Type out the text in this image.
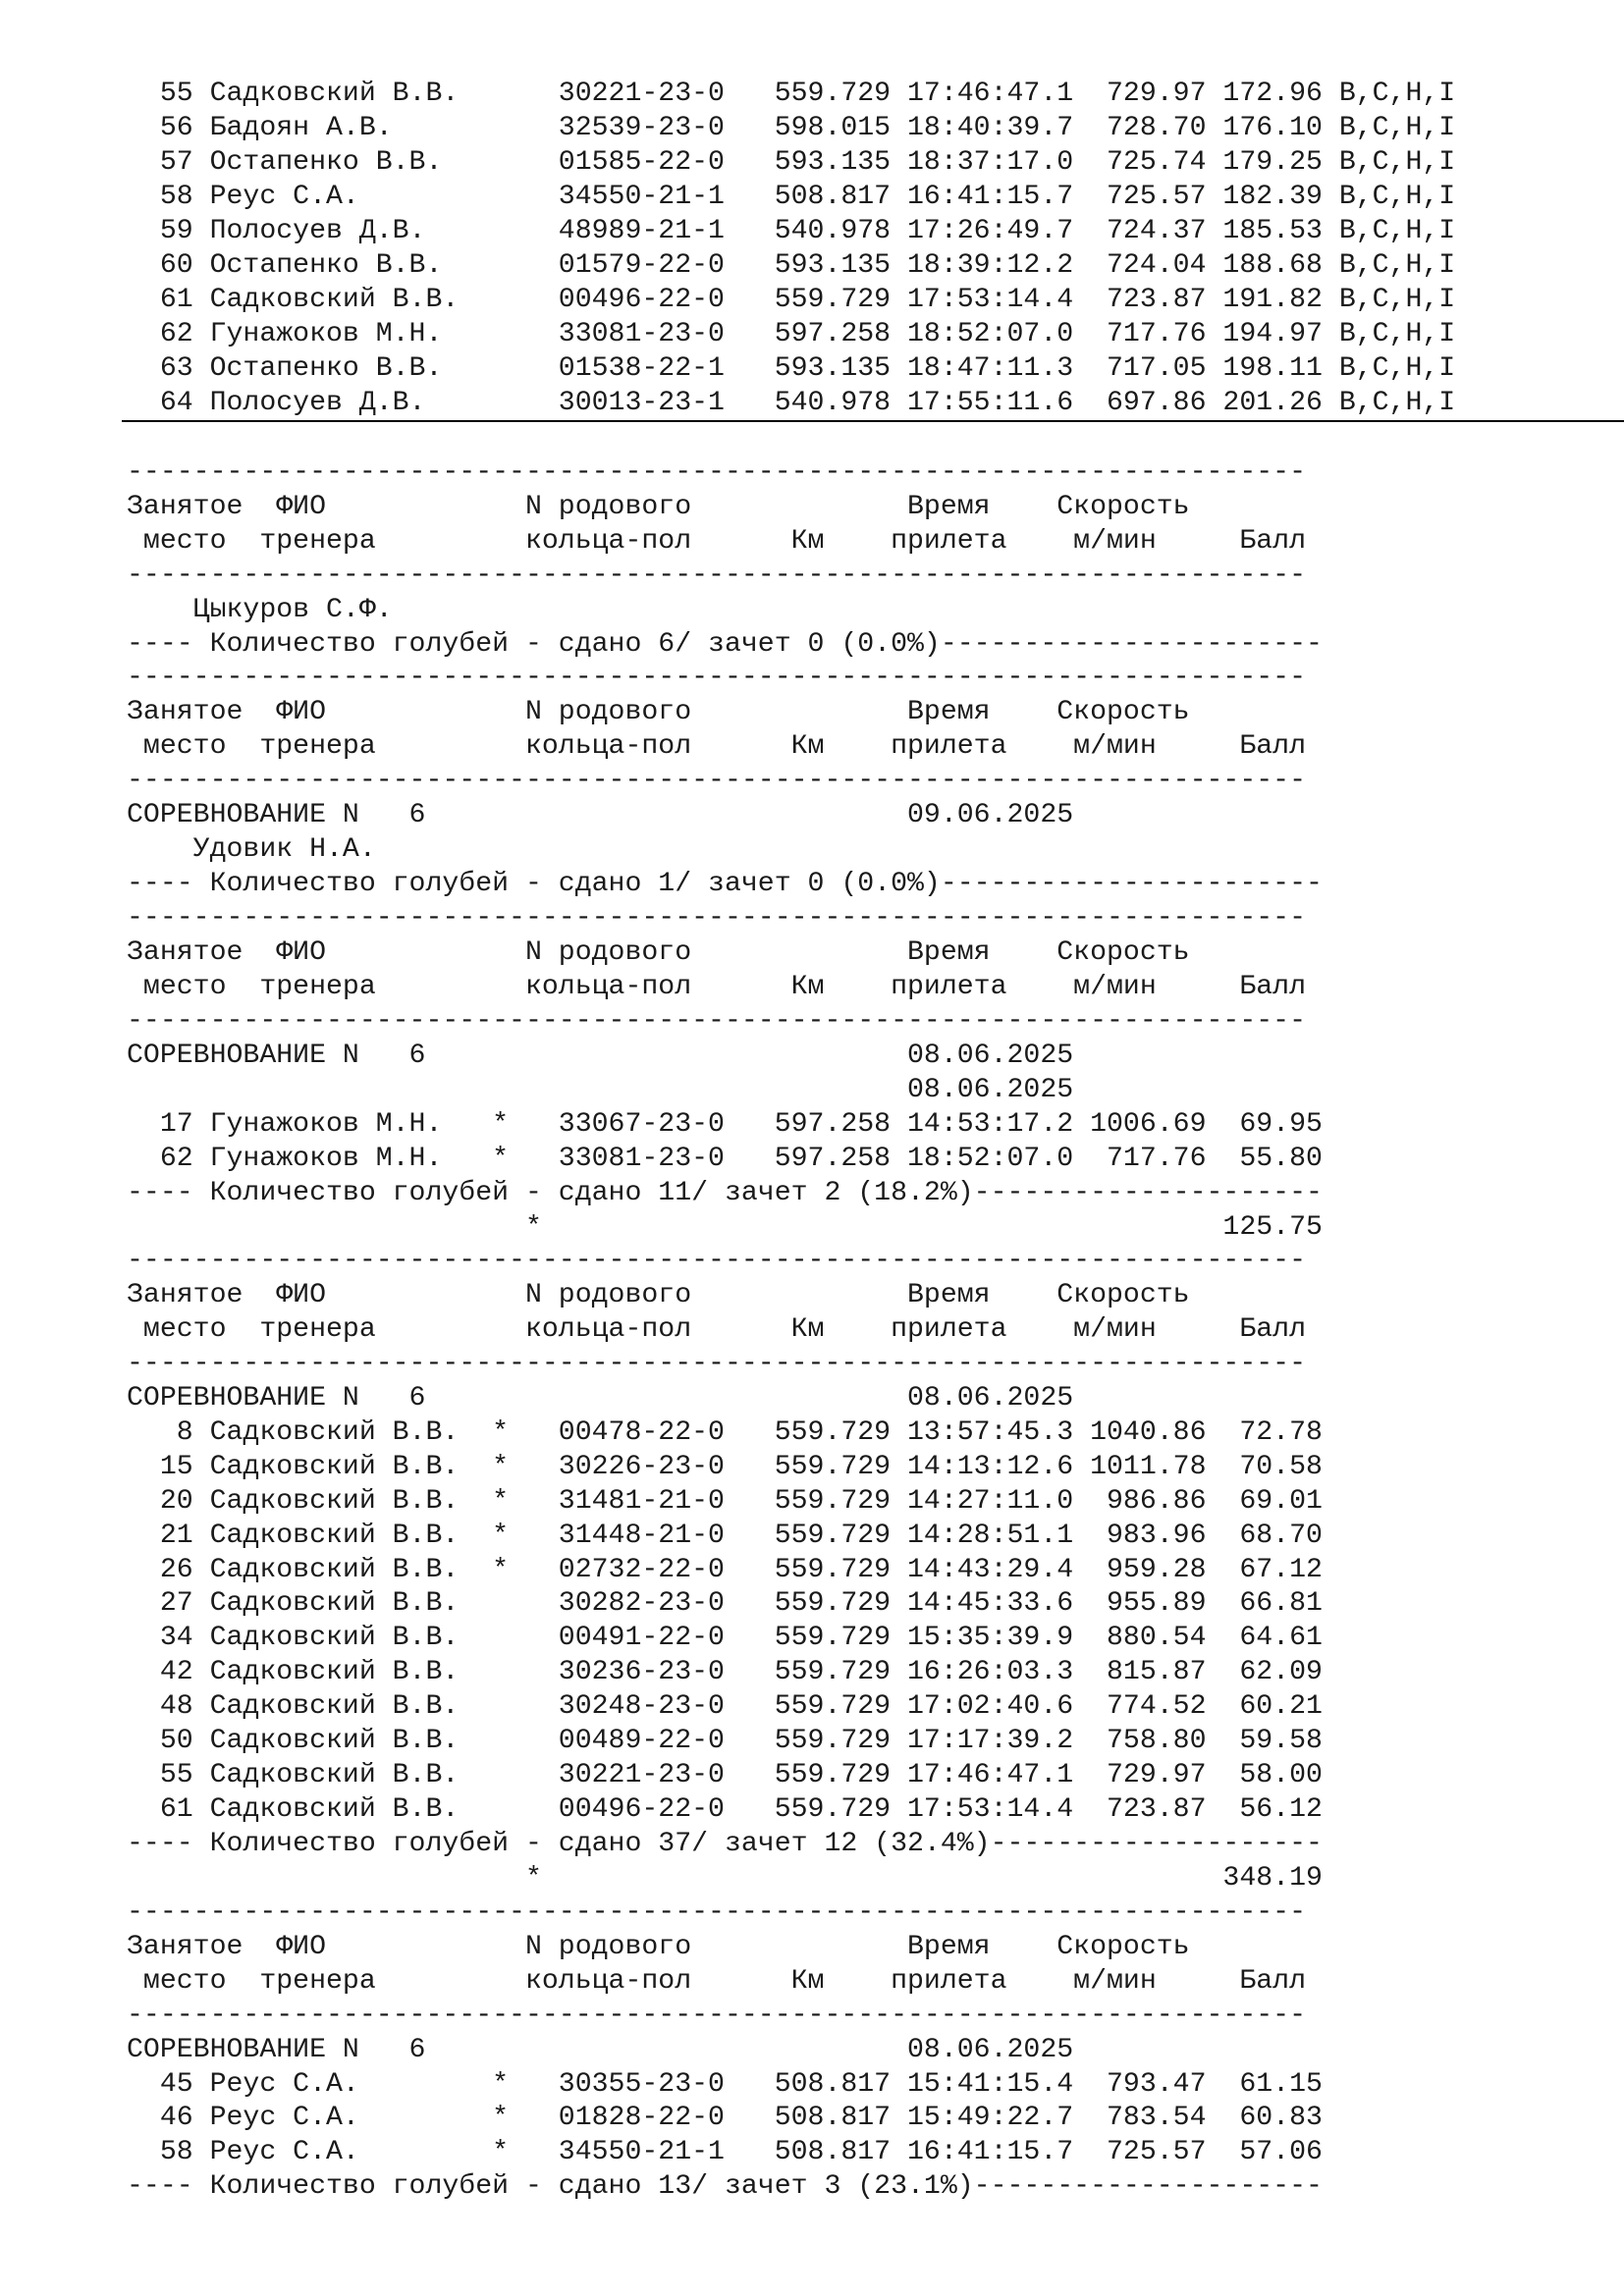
55 Садковский В.В.      30221-23-0   559.729 17:46:47.1  729.97 172.96 B,C,H,I
56 Бадоян А.В.          32539-23-0   598.015 18:40:39.7  728.70 176.10 B,C,H,I
57 Остапенко В.В.       01585-22-0   593.135 18:37:17.0  725.74 179.25 B,C,H,I
58 Реус С.А.            34550-21-1   508.817 16:41:15.7  725.57 182.39 B,C,H,I
59 Полосуев Д.В.        48989-21-1   540.978 17:26:49.7  724.37 185.53 B,C,H,I
60 Остапенко В.В.       01579-22-0   593.135 18:39:12.2  724.04 188.68 B,C,H,I
61 Садковский В.В.      00496-22-0   559.729 17:53:14.4  723.87 191.82 B,C,H,I
62 Гунажоков М.Н.       33081-23-0   597.258 18:52:07.0  717.76 194.97 B,C,H,I
63 Остапенко В.В.       01538-22-1   593.135 18:47:11.3  717.05 198.11 B,C,H,I
64 Полосуев Д.В.        30013-23-1   540.978 17:55:11.6  697.86 201.26 B,C,H,I
-----------------------------------------------------------------------
Занятое  ФИО            N родового             Время    Скорость
место  тренера         кольца-пол      Км    прилета    м/мин     Балл
-----------------------------------------------------------------------
Цыкуров С.Ф.
---- Количество голубей - сдано 6/ зачет 0 (0.0%)-----------------------
-----------------------------------------------------------------------
Занятое  ФИО            N родового             Время    Скорость
место  тренера         кольца-пол      Км    прилета    м/мин     Балл
-----------------------------------------------------------------------
СОРЕВНОВАНИЕ N   6                             09.06.2025
Удовик Н.А.
---- Количество голубей - сдано 1/ зачет 0 (0.0%)-----------------------
-----------------------------------------------------------------------
Занятое  ФИО            N родового             Время    Скорость
место  тренера         кольца-пол      Км    прилета    м/мин     Балл
-----------------------------------------------------------------------
СОРЕВНОВАНИЕ N   6                             08.06.2025
08.06.2025
17 Гунажоков М.Н.   *   33067-23-0   597.258 14:53:17.2 1006.69  69.95
62 Гунажоков М.Н.   *   33081-23-0   597.258 18:52:07.0  717.76  55.80
---- Количество голубей - сдано 11/ зачет 2 (18.2%)---------------------
*                                         125.75
-----------------------------------------------------------------------
Занятое  ФИО            N родового             Время    Скорость
место  тренера         кольца-пол      Км    прилета    м/мин     Балл
-----------------------------------------------------------------------
СОРЕВНОВАНИЕ N   6                             08.06.2025
8 Садковский В.В.  *   00478-22-0   559.729 13:57:45.3 1040.86  72.78
15 Садковский В.В.  *   30226-23-0   559.729 14:13:12.6 1011.78  70.58
20 Садковский В.В.  *   31481-21-0   559.729 14:27:11.0  986.86  69.01
21 Садковский В.В.  *   31448-21-0   559.729 14:28:51.1  983.96  68.70
26 Садковский В.В.  *   02732-22-0   559.729 14:43:29.4  959.28  67.12
27 Садковский В.В.      30282-23-0   559.729 14:45:33.6  955.89  66.81
34 Садковский В.В.      00491-22-0   559.729 15:35:39.9  880.54  64.61
42 Садковский В.В.      30236-23-0   559.729 16:26:03.3  815.87  62.09
48 Садковский В.В.      30248-23-0   559.729 17:02:40.6  774.52  60.21
50 Садковский В.В.      00489-22-0   559.729 17:17:39.2  758.80  59.58
55 Садковский В.В.      30221-23-0   559.729 17:46:47.1  729.97  58.00
61 Садковский В.В.      00496-22-0   559.729 17:53:14.4  723.87  56.12
---- Количество голубей - сдано 37/ зачет 12 (32.4%)--------------------
*                                         348.19
-----------------------------------------------------------------------
Занятое  ФИО            N родового             Время    Скорость
место  тренера         кольца-пол      Км    прилета    м/мин     Балл
-----------------------------------------------------------------------
СОРЕВНОВАНИЕ N   6                             08.06.2025
45 Реус С.А.        *   30355-23-0   508.817 15:41:15.4  793.47  61.15
46 Реус С.А.        *   01828-22-0   508.817 15:49:22.7  783.54  60.83
58 Реус С.А.        *   34550-21-1   508.817 16:41:15.7  725.57  57.06
---- Количество голубей - сдано 13/ зачет 3 (23.1%)---------------------
